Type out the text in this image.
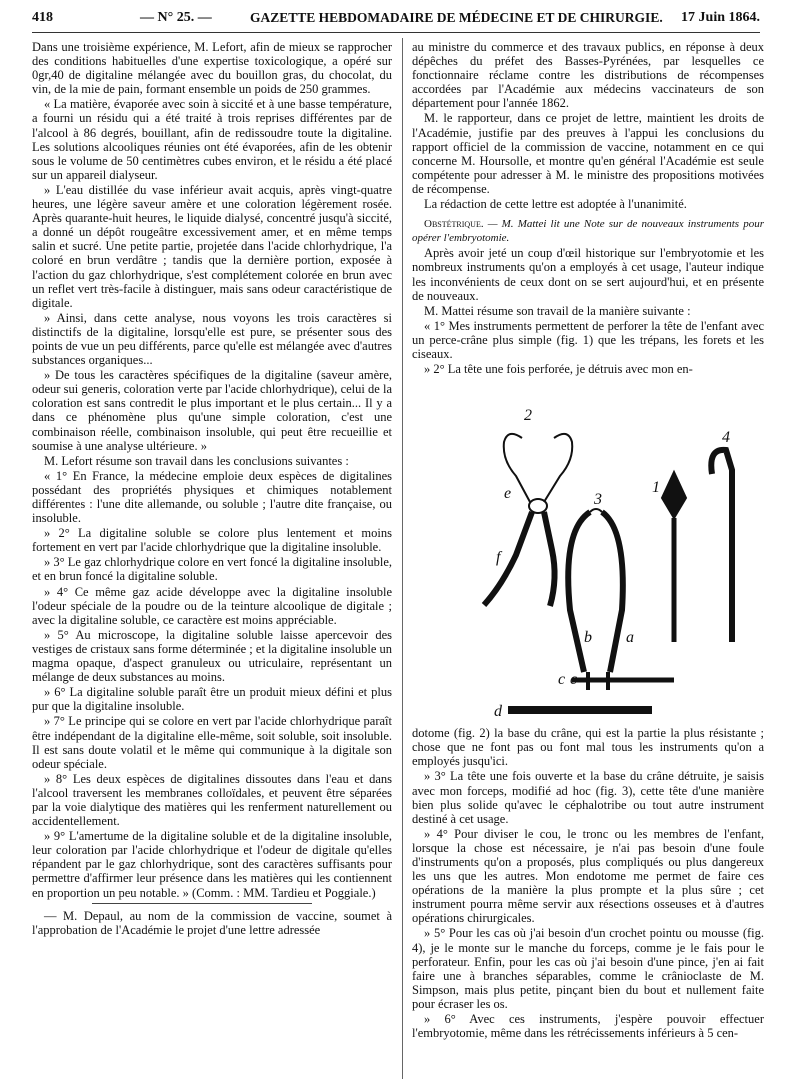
418	— N° 25. —	GAZETTE HEBDOMADAIRE DE MÉDECINE ET DE CHIRURGIE. 17 Juin 1864.

Dans une troisième expérience, M. Lefort, afin de mieux se rapprocher des conditions habituelles d'une expertise toxicologique, a opéré sur 0gr,40 de digitaline mélangée avec du bouillon gras, du chocolat, du vin, de la mie de pain, formant ensemble un poids de 250 grammes.

« La matière, évaporée avec soin à siccité et à une basse température, a fourni un résidu qui a été traité à trois reprises différentes par de l'alcool à 86 degrés, bouillant, afin de redissoudre toute la digitaline. Les solutions alcooliques réunies ont été évaporées, afin de les obtenir sous le volume de 50 centimètres cubes environ, et le résidu a été placé sur un appareil dialyseur.

» L'eau distillée du vase inférieur avait acquis, après vingt-quatre heures, une légère saveur amère et une coloration légèrement rosée. Après quarante-huit heures, le liquide dialysé, concentré jusqu'à siccité, a donné un dépôt rougeâtre excessivement amer, et en même temps salin et sucré. Une petite partie, projetée dans l'acide chlorhydrique, l'a coloré en brun verdâtre ; tandis que la dernière portion, exposée à l'action du gaz chlorhydrique, s'est complétement colorée en brun avec un reflet vert très-facile à distinguer, mais sans odeur caractéristique de digitale.

» Ainsi, dans cette analyse, nous voyons les trois caractères si distinctifs de la digitaline, lorsqu'elle est pure, se présenter sous des points de vue un peu différents, parce qu'elle est mélangée avec d'autres substances organiques...

» De tous les caractères spécifiques de la digitaline (saveur amère, odeur sui generis, coloration verte par l'acide chlorhydrique), celui de la coloration est sans contredit le plus important et le plus certain... Il y a dans ce phénomène plus qu'une simple coloration, c'est une combinaison réelle, combinaison insoluble, qui peut être recueillie et soumise à une analyse ultérieure. »

M. Lefort résume son travail dans les conclusions suivantes :

« 1° En France, la médecine emploie deux espèces de digitalines possédant des propriétés physiques et chimiques notablement différentes : l'une dite allemande, ou soluble ; l'autre dite française, ou insoluble.

» 2° La digitaline soluble se colore plus lentement et moins fortement en vert par l'acide chlorhydrique que la digitaline insoluble.

» 3° Le gaz chlorhydrique colore en vert foncé la digitaline insoluble, et en brun foncé la digitaline soluble.

» 4° Ce même gaz acide développe avec la digitaline insoluble l'odeur spéciale de la poudre ou de la teinture alcoolique de digitale ; avec la digitaline soluble, ce caractère est moins appréciable.

» 5° Au microscope, la digitaline soluble laisse apercevoir des vestiges de cristaux sans forme déterminée ; et la digitaline insoluble un magma opaque, d'aspect granuleux ou utriculaire, représentant un mélange de deux substances au moins.

» 6° La digitaline soluble paraît être un produit mieux défini et plus pur que la digitaline insoluble.

» 7° Le principe qui se colore en vert par l'acide chlorhydrique paraît être indépendant de la digitaline elle-même, soit soluble, soit insoluble. Il est sans doute volatil et le même qui communique à la digitale son odeur spéciale.

» 8° Les deux espèces de digitalines dissoutes dans l'eau et dans l'alcool traversent les membranes colloïdales, et peuvent être séparées par la voie dialytique des matières qui les renferment naturellement ou accidentellement.

» 9° L'amertume de la digitaline soluble et de la digitaline insoluble, leur coloration par l'acide chlorhydrique et l'odeur de digitale qu'elles répandent par le gaz chlorhydrique, sont des caractères suffisants pour permettre d'affirmer leur présence dans les matières qui les contiennent en proportion un peu notable. » (Comm. : MM. Tardieu et Poggiale.)

— M. Depaul, au nom de la commission de vaccine, soumet à l'approbation de l'Académie le projet d'une lettre adressée

au ministre du commerce et des travaux publics, en réponse à deux dépêches du préfet des Basses-Pyrénées, par lesquelles ce fonctionnaire réclame contre les distributions de récompenses accordées par l'Académie aux médecins vaccinateurs de son département pour l'année 1862.

M. le rapporteur, dans ce projet de lettre, maintient les droits de l'Académie, justifie par des preuves à l'appui les conclusions du rapport officiel de la commission de vaccine, notamment en ce qui concerne M. Hoursolle, et montre qu'en général l'Académie est seule compétente pour adresser à M. le ministre des propositions motivées de récompense.

La rédaction de cette lettre est adoptée à l'unanimité.

Obstétrique. — M. Mattei lit une Note sur de nouveaux instruments pour opérer l'embryotomie.

Après avoir jeté un coup d'œil historique sur l'embryotomie et les nombreux instruments qu'on a employés à cet usage, l'auteur indique les inconvénients de ceux dont on se sert aujourd'hui, et en présente de nouveaux.

M. Mattei résume son travail de la manière suivante :

« 1° Mes instruments permettent de perforer la tête de l'enfant avec un perce-crâne plus simple (fig. 1) que les trépans, les forets et les ciseaux.

» 2° La tête une fois perforée, je détruis avec mon en-

2
1
3
4
e
f
b a
c c
d

dotome (fig. 2) la base du crâne, qui est la partie la plus résistante ; chose que ne font pas ou font mal tous les instruments qu'on a employés jusqu'ici.

» 3° La tête une fois ouverte et la base du crâne détruite, je saisis avec mon forceps, modifié ad hoc (fig. 3), cette tête d'une manière bien plus solide qu'avec le céphalotribe ou tout autre instrument destiné à cet usage.

» 4° Pour diviser le cou, le tronc ou les membres de l'enfant, lorsque la chose est nécessaire, je n'ai pas besoin d'une foule d'instruments qu'on a proposés, plus compliqués ou plus dangereux les uns que les autres. Mon endotome me permet de faire ces opérations de la manière la plus prompte et la plus sûre ; cet instrument pourra même servir aux résections osseuses et à d'autres opérations chirurgicales.

» 5° Pour les cas où j'ai besoin d'un crochet pointu ou mousse (fig. 4), je le monte sur le manche du forceps, comme je le fais pour le perforateur. Enfin, pour les cas où j'ai besoin d'une pince, j'en ai fait faire une à branches séparables, comme le crânioclaste de M. Simpson, mais plus petite, pinçant bien du bout et nullement faite pour écraser les os.

» 6° Avec ces instruments, j'espère pouvoir effectuer l'embryotomie, même dans les rétrécissements inférieurs à 5 cen-
